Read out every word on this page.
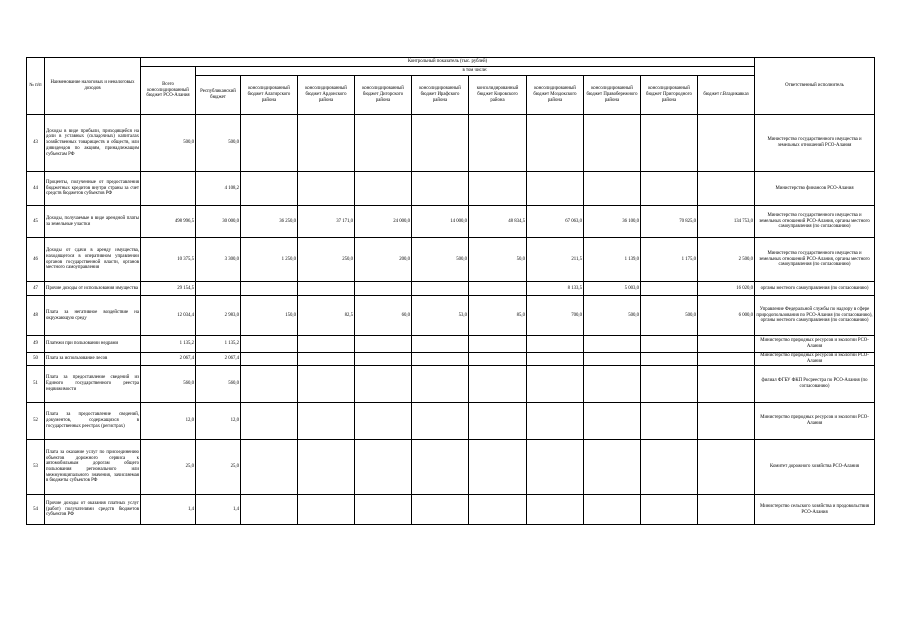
№ п/п	Наименование налоговых и неналоговых доходов	Контрольный показатель (тыс. рублей)											Ответственный исполнитель
		Всего консолидированный бюджет РСО-Алания	в том числе:										
			Республиканский бюджет	консолидированный бюджет Алагирского района	консолидированный бюджет Ардонского района	консолидированный бюджет Дигорского района	консолидированный бюджет Ирафского района	консолидированный бюджет Кировского района	консолидированный бюджет Моздокского района	консолидированный бюджет Правобережного района	консолидированный бюджет Пригородного района	бюджет г.Владикавказ	
43	Доходы в виде прибыли, приходящейся на доли в уставных (складочных) капиталах хозяйственных товариществ и обществ, или дивидендов по акциям, принадлежащим субъектам РФ	500,0	500,0										Министерство государственного имущества и земельных отношений РСО-Алания
44	Проценты, полученные от предоставления бюджетных кредитов внутри страны за счет средств бюджетов субъектов РФ		4 108,2										Министерство финансов РСО-Алания
45	Доходы, получаемые в виде арендной платы за земельные участки	498 996,5	30 000,0	36 250,0	37 171,0	24 000,0	14 000,0	48 834,5	67 063,0	36 100,0	70 825,0	134 753,0	Министерство государственного имущества и земельных отношений РСО-Алания, органы местного самоуправления (по согласованию)
46	Доходы от сдачи в аренду имущества, находящегося в оперативном управлении органов государственной власти, органов местного самоуправления	10 375,5	3 300,0	1 250,0	250,0	200,0	500,0	50,0	211,5	1 139,0	1 175,0	2 500,0	Министерство государственного имущества и земельных отношений РСО-Алания, органы местного самоуправления (по согласованию)
47	Прочие доходы от использования имущества	29 154,5							8 133,5	5 003,0		16 020,0	органы местного самоуправления (по согласованию)
48	Плата за негативное воздействие на окружающую среду	12 034,4	2 983,0	150,0	82,5	60,0	53,0	85,0	700,0	500,0	500,0	6 000,0	Управление Федеральной службы по надзору в сфере природопользования по РСО-Алания (по согласованию), органы местного самоуправления (по согласованию)
49	Платежи при пользовании недрами	1 135,2	1 135,2										Министерство природных ресурсов и экологии РСО-Алания
50	Плата за использование лесов	2 067,4	2 067,4										Министерство природных ресурсов и экологии РСО-Алания
51	Плата за предоставление сведений из Единого государственного реестра недвижимости	560,0	560,0										филиал ФГБУ ФКП Росреестра по РСО-Алания (по согласованию)
52	Плата за предоставление сведений, документов, содержащихся в государственных реестрах (регистрах)	12,0	12,0										Министерство природных ресурсов и экологии РСО-Алания
53	Плата за оказание услуг по присоединению объектов дорожного сервиса к автомобильным дорогам общего пользования регионального или межмуниципального значения, зачисляемая в бюджеты субъектов РФ	25,0	25,0										Комитет дорожного хозяйства РСО-Алания
54	Прочие доходы от оказания платных услуг (работ) получателями средств бюджетов субъектов РФ	1,4	1,4										Министерство сельского хозяйства и продовольствия РСО-Алания
